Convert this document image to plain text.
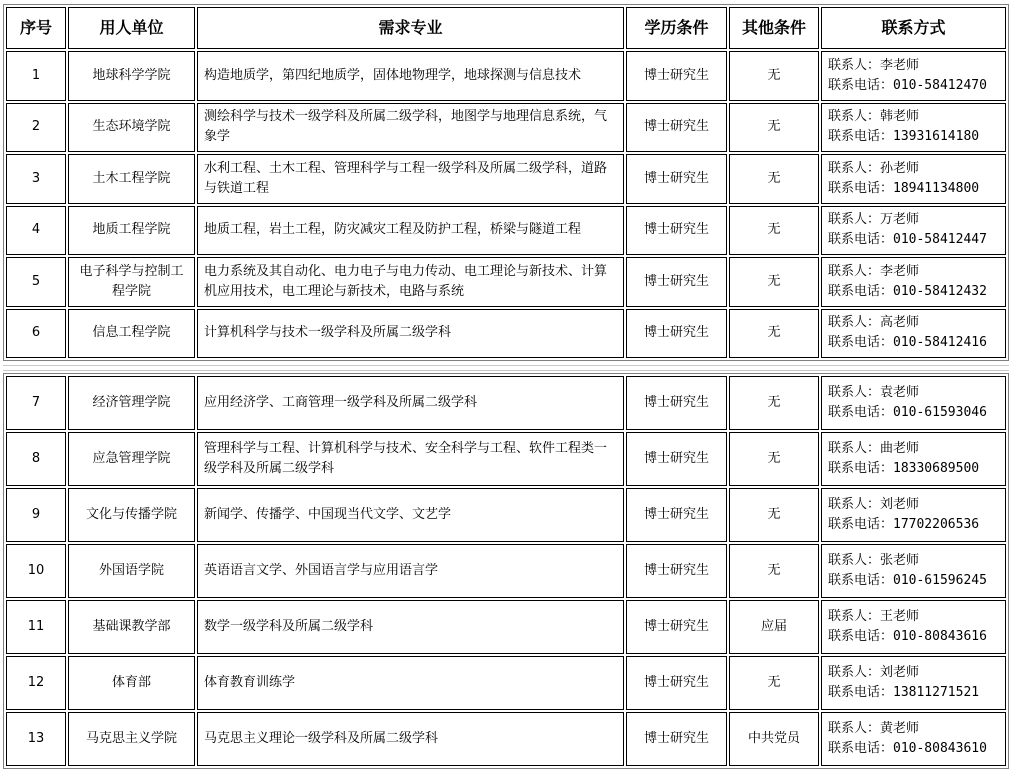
序号	用人单位	需求专业	学历条件	其他条件	联系方式
1	地球科学学院	构造地质学，第四纪地质学，固体地物理学，地球探测与信息技术	博士研究生	无	联系人：李老师
联系电话：010-58412470

2	生态环境学院	测绘科学与技术一级学科及所属二级学科，地图学与地理信息系统，气象学	博士研究生	无	联系人：韩老师
联系电话：13931614180

3	土木工程学院	水利工程、土木工程、管理科学与工程一级学科及所属二级学科，道路与铁道工程	博士研究生	无	联系人：孙老师
联系电话：18941134800

4	地质工程学院	地质工程，岩土工程，防灾减灾工程及防护工程，桥梁与隧道工程	博士研究生	无	联系人：万老师
联系电话：010-58412447

5	电子科学与控制工程学院	电力系统及其自动化、电力电子与电力传动、电工理论与新技术、计算机应用技术，电工理论与新技术，电路与系统	博士研究生	无	联系人：李老师
联系电话：010-58412432

6	信息工程学院	计算机科学与技术一级学科及所属二级学科	博士研究生	无	联系人：高老师
联系电话：010-58412416
7	经济管理学院	应用经济学、工商管理一级学科及所属二级学科	博士研究生	无	联系人：袁老师
联系电话：010-61593046

8	应急管理学院	管理科学与工程、计算机科学与技术、安全科学与工程、软件工程类一级学科及所属二级学科	博士研究生	无	联系人：曲老师
联系电话：18330689500

9	文化与传播学院	新闻学、传播学、中国现当代文学、文艺学	博士研究生	无	联系人：刘老师
联系电话：17702206536

10	外国语学院	英语语言文学、外国语言学与应用语言学	博士研究生	无	联系人：张老师
联系电话：010-61596245

11	基础课教学部	数学一级学科及所属二级学科	博士研究生	应届	联系人：王老师
联系电话：010-80843616

12	体育部	体育教育训练学	博士研究生	无	联系人：刘老师
联系电话：13811271521

13	马克思主义学院	马克思主义理论一级学科及所属二级学科	博士研究生	中共党员	联系人：黄老师
联系电话：010-80843610
